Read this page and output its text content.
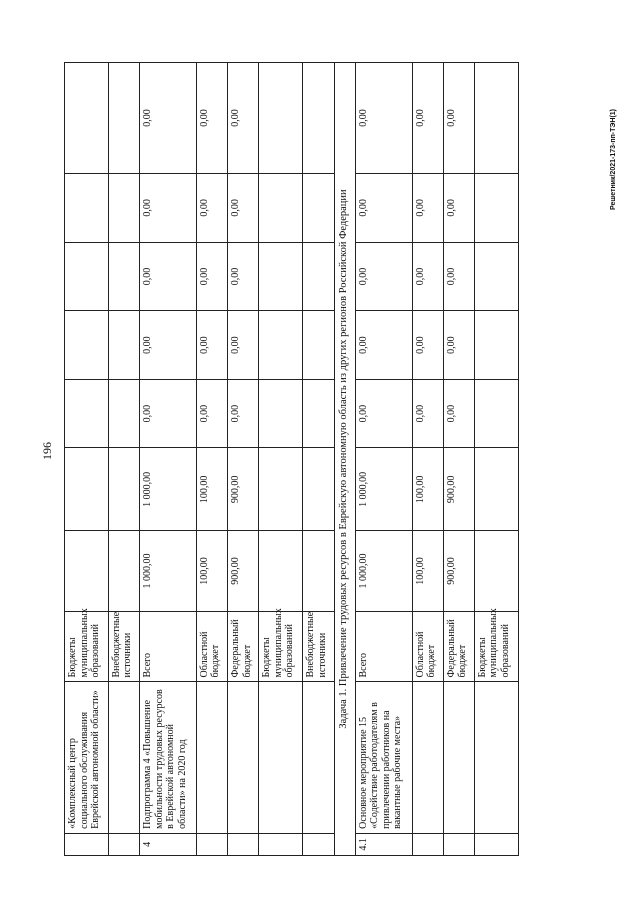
196
Решетник/2021-173-пп-ТЭН(1)
	«Комплексный центр социального обслуживания Еврейской автономной области»	Бюджеты муниципальных образований							
		Внебюджетные источники							
4	Подпрограмма 4 «Повышение мобильности трудовых ресурсов в Еврейской автономной области» на 2020 год	Всего	1 000,00	1 000,00	0,00	0,00	0,00	0,00	0,00
		Областной бюджет	100,00	100,00	0,00	0,00	0,00	0,00	0,00
		Федеральный бюджет	900,00	900,00	0,00	0,00	0,00	0,00	0,00
		Бюджеты муниципальных образований							
		Внебюджетные источники							
Задача 1. Привлечение трудовых ресурсов в Еврейскую автономную область из других регионов Российской Федерации									
4.1	Основное мероприятие 15 «Содействие работодателям в привлечении работников на вакантные рабочие места»	Всего	1 000,00	1 000,00	0,00	0,00	0,00	0,00	0,00
		Областной бюджет	100,00	100,00	0,00	0,00	0,00	0,00	0,00
		Федеральный бюджет	900,00	900,00	0,00	0,00	0,00	0,00	0,00
		Бюджеты муниципальных образований							
